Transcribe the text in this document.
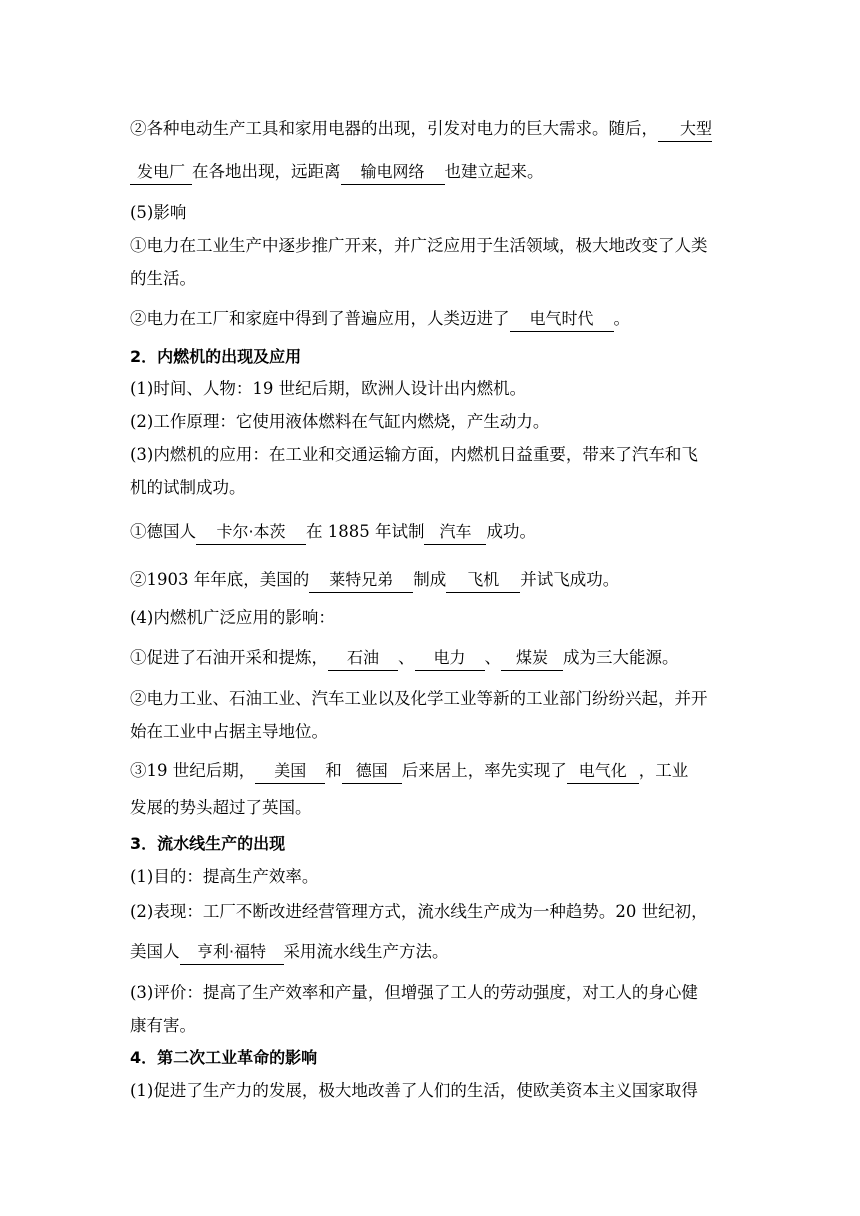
②各种电动生产工具和家用电器的出现，引发对电力的巨大需求。随后， 大型
发电厂 在各地出现，远距离 输电网络 也建立起来。
(5)影响
①电力在工业生产中逐步推广开来，并广泛应用于生活领域，极大地改变了人类
的生活。
②电力在工厂和家庭中得到了普遍应用，人类迈进了 电气时代 。
2．内燃机的出现及应用
(1)时间、人物：19 世纪后期，欧洲人设计出内燃机。
(2)工作原理：它使用液体燃料在气缸内燃烧，产生动力。
(3)内燃机的应用：在工业和交通运输方面，内燃机日益重要，带来了汽车和飞
机的试制成功。
①德国人 卡尔·本茨 在 1885 年试制 汽车 成功。
②1903 年年底，美国的 莱特兄弟 制成 飞机 并试飞成功。
(4)内燃机广泛应用的影响：
①促进了石油开采和提炼， 石油 、 电力 、 煤炭 成为三大能源。
②电力工业、石油工业、汽车工业以及化学工业等新的工业部门纷纷兴起，并开
始在工业中占据主导地位。
③19 世纪后期， 美国 和 德国 后来居上，率先实现了 电气化 ，工业
发展的势头超过了英国。
3．流水线生产的出现
(1)目的：提高生产效率。
(2)表现：工厂不断改进经营管理方式，流水线生产成为一种趋势。20 世纪初，
美国人 亨利·福特 采用流水线生产方法。
(3)评价：提高了生产效率和产量，但增强了工人的劳动强度，对工人的身心健
康有害。
4．第二次工业革命的影响
(1)促进了生产力的发展，极大地改善了人们的生活，使欧美资本主义国家取得
